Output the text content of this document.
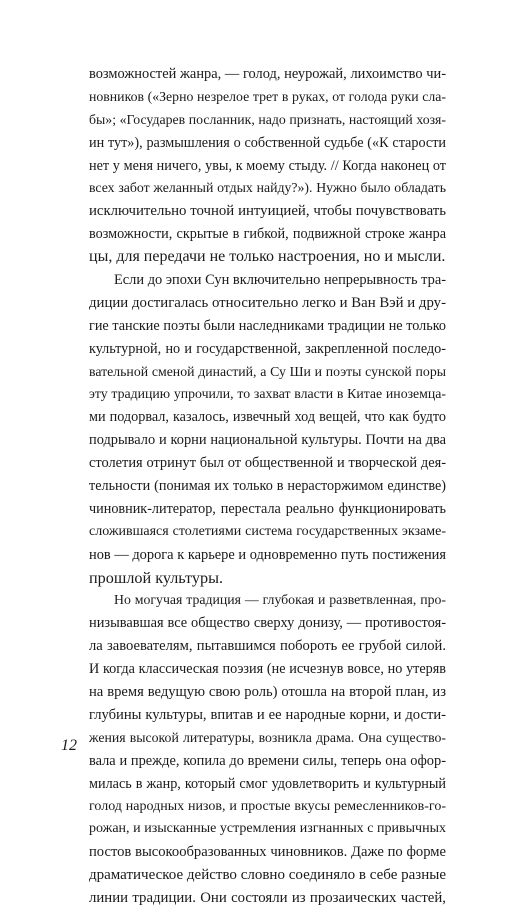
возможностей жанра, — голод, неурожай, лихоимство чи-
новников («Зерно незрелое трет в руках, от голода руки сла-
бы»; «Государев посланник, надо признать, настоящий хозя-
ин тут»), размышления о собственной судьбе («К старости
нет у меня ничего, увы, к моему стыду. // Когда наконец от
всех забот желанный отдых найду?»). Нужно было обладать
исключительно точной интуицией, чтобы почувствовать
возможности, скрытые в гибкой, подвижной строке жанра
цы, для передачи не только настроения, но и мысли.
Если до эпохи Сун включительно непрерывность тра-
диции достигалась относительно легко и Ван Вэй и дру-
гие танские поэты были наследниками традиции не только
культурной, но и государственной, закрепленной последо-
вательной сменой династий, а Су Ши и поэты сунской поры
эту традицию упрочили, то захват власти в Китае иноземца-
ми подорвал, казалось, извечный ход вещей, что как будто
подрывало и корни национальной культуры. Почти на два
столетия отринут был от общественной и творческой дея-
тельности (понимая их только в нерасторжимом единстве)
чиновник-литератор, перестала реально функционировать
сложившаяся столетиями система государственных экзаме-
нов — дорога к карьере и одновременно путь постижения
прошлой культуры.
Но могучая традиция — глубокая и разветвленная, про-
низывавшая все общество сверху донизу, — противостоя-
ла завоевателям, пытавшимся побороть ее грубой силой.
И когда классическая поэзия (не исчезнув вовсе, но утеряв
на время ведущую свою роль) отошла на второй план, из
глубины культуры, впитав и ее народные корни, и дости-
жения высокой литературы, возникла драма. Она существо-
вала и прежде, копила до времени силы, теперь она офор-
милась в жанр, который смог удовлетворить и культурный
голод народных низов, и простые вкусы ремесленников-го-
рожан, и изысканные устремления изгнанных с привычных
постов высокообразованных чиновников. Даже по форме
драматическое действо словно соединяло в себе разные
линии традиции. Они состояли из прозаических частей,
12
